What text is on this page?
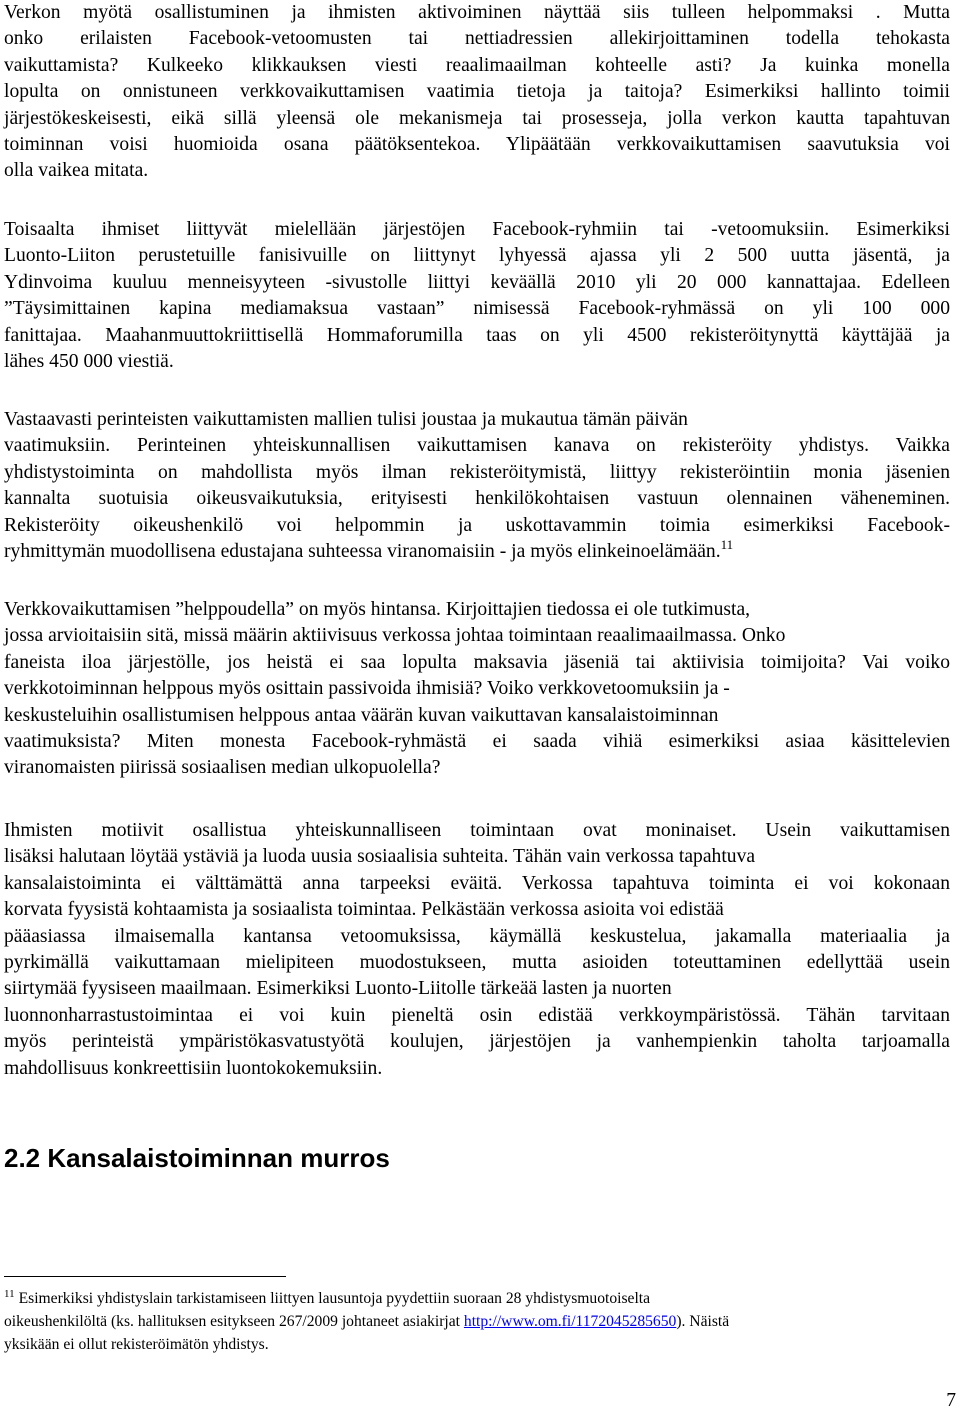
Verkon myötä osallistuminen ja ihmisten aktivoiminen näyttää siis tulleen helpommaksi . Mutta
onko erilaisten Facebook-vetoomusten tai nettiadressien allekirjoittaminen todella tehokasta
vaikuttamista? Kulkeeko klikkauksen viesti reaalimaailman kohteelle asti? Ja kuinka monella
lopulta on onnistuneen verkkovaikuttamisen vaatimia tietoja ja taitoja? Esimerkiksi hallinto toimii
järjestökeskeisesti, eikä sillä yleensä ole mekanismeja tai prosesseja, jolla verkon kautta tapahtuvan
toiminnan voisi huomioida osana päätöksentekoa. Ylipäätään verkkovaikuttamisen saavutuksia voi
olla vaikea mitata.
Toisaalta ihmiset liittyvät mielellään järjestöjen Facebook-ryhmiin tai -vetoomuksiin. Esimerkiksi
Luonto-Liiton perustetuille fanisivuille on liittynyt lyhyessä ajassa yli 2 500 uutta jäsentä, ja
Ydinvoima kuuluu menneisyyteen -sivustolle liittyi keväällä 2010 yli 20 000 kannattajaa. Edelleen
”Täysimittainen kapina mediamaksua vastaan” nimisessä Facebook-ryhmässä on yli 100 000
fanittajaa. Maahanmuuttokriittisellä Hommaforumilla taas on yli 4500 rekisteröitynyttä käyttäjää ja
lähes 450 000 viestiä.
Vastaavasti perinteisten vaikuttamisten mallien tulisi joustaa ja mukautua tämän päivän
vaatimuksiin. Perinteinen yhteiskunnallisen vaikuttamisen kanava on rekisteröity yhdistys. Vaikka
yhdistystoiminta on mahdollista myös ilman rekisteröitymistä, liittyy rekisteröintiin monia jäsenien
kannalta suotuisia oikeusvaikutuksia, erityisesti henkilökohtaisen vastuun olennainen väheneminen.
Rekisteröity oikeushenkilö voi helpommin ja uskottavammin toimia esimerkiksi Facebook-
ryhmittymän muodollisena edustajana suhteessa viranomaisiin - ja myös elinkeinoelämään.$^{11}$
Verkkovaikuttamisen ”helppoudella” on myös hintansa. Kirjoittajien tiedossa ei ole tutkimusta,
jossa arvioitaisiin sitä, missä määrin aktiivisuus verkossa johtaa toimintaan reaalimaailmassa. Onko
faneista iloa järjestölle, jos heistä ei saa lopulta maksavia jäseniä tai aktiivisia toimijoita? Vai voiko
verkkotoiminnan helppous myös osittain passivoida ihmisiä? Voiko verkkovetoomuksiin ja -
keskusteluihin osallistumisen helppous antaa väärän kuvan vaikuttavan kansalaistoiminnan
vaatimuksista? Miten monesta Facebook-ryhmästä ei saada vihiä esimerkiksi asiaa käsittelevien
viranomaisten piirissä sosiaalisen median ulkopuolella?
Ihmisten motiivit osallistua yhteiskunnalliseen toimintaan ovat moninaiset. Usein vaikuttamisen
lisäksi halutaan löytää ystäviä ja luoda uusia sosiaalisia suhteita. Tähän vain verkossa tapahtuva
kansalaistoiminta ei välttämättä anna tarpeeksi eväitä. Verkossa tapahtuva toiminta ei voi kokonaan
korvata fyysistä kohtaamista ja sosiaalista toimintaa. Pelkästään verkossa asioita voi edistää
pääasiassa ilmaisemalla kantansa vetoomuksissa, käymällä keskustelua, jakamalla materiaalia ja
pyrkimällä vaikuttamaan mielipiteen muodostukseen, mutta asioiden toteuttaminen edellyttää usein
siirtymää fyysiseen maailmaan. Esimerkiksi Luonto-Liitolle tärkeää lasten ja nuorten
luonnonharrastustoimintaa ei voi kuin pieneltä osin edistää verkkoympäristössä. Tähän tarvitaan
myös perinteistä ympäristökasvatustyötä koulujen, järjestöjen ja vanhempienkin taholta tarjoamalla
mahdollisuus konkreettisiin luontokokemuksiin.
2.2 Kansalaistoiminnan murros
$^{11}$ Esimerkiksi yhdistyslain tarkistamiseen liittyen lausuntoja pyydettiin suoraan 28 yhdistysmuotoiselta
oikeushenkilöltä (ks. hallituksen esitykseen 267/2009 johtaneet asiakirjat http://www.om.fi/1172045285650). Näistä
yksikään ei ollut rekisteröimätön yhdistys.
7
